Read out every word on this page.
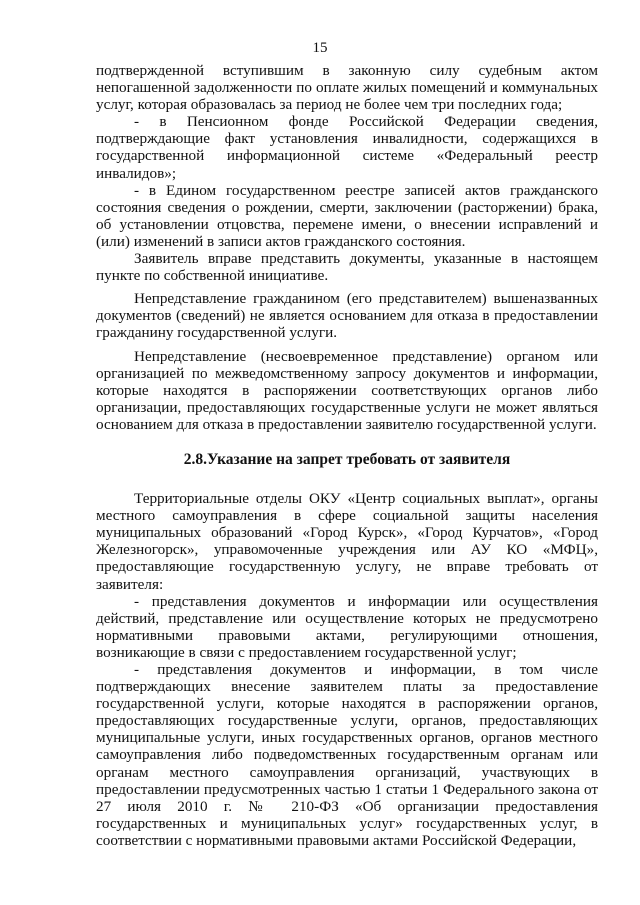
15

подтвержденной вступившим в законную силу судебным актом непогашенной задолженности по оплате жилых помещений и коммунальных услуг, которая образовалась за период не более чем три последних года;

- в Пенсионном фонде Российской Федерации сведения, подтверждающие факт установления инвалидности, содержащихся в государственной информационной системе «Федеральный реестр инвалидов»;

- в Едином государственном реестре записей актов гражданского состояния сведения о рождении, смерти, заключении (расторжении) брака, об установлении отцовства, перемене имени, о внесении исправлений и (или) изменений в записи актов гражданского состояния.

Заявитель вправе представить документы, указанные в настоящем пункте по собственной инициативе.

Непредставление гражданином (его представителем) вышеназванных документов (сведений) не является основанием для отказа в предоставлении гражданину государственной услуги.

Непредставление (несвоевременное представление) органом или организацией по межведомственному запросу документов и информации, которые находятся в распоряжении соответствующих органов либо организации, предоставляющих государственные услуги не может являться основанием для отказа в предоставлении заявителю государственной услуги.

2.8.Указание на запрет требовать от заявителя

Территориальные отделы ОКУ «Центр социальных выплат», органы местного самоуправления в сфере социальной защиты населения муниципальных образований «Город Курск», «Город Курчатов», «Город Железногорск», управомоченные учреждения или АУ КО «МФЦ», предоставляющие государственную услугу, не вправе требовать от заявителя:

- представления документов и информации или осуществления действий, представление или осуществление которых не предусмотрено нормативными правовыми актами, регулирующими отношения, возникающие в связи с предоставлением государственной услуг;

- представления документов и информации, в том числе подтверждающих внесение заявителем платы за предоставление государственной услуги, которые находятся в распоряжении органов, предоставляющих государственные услуги, органов, предоставляющих муниципальные услуги, иных государственных органов, органов местного самоуправления либо подведомственных государственным органам или органам местного самоуправления организаций, участвующих в предоставлении предусмотренных частью 1 статьи 1 Федерального закона от 27 июля 2010 г. № 210-ФЗ «Об организации предоставления государственных и муниципальных услуг» государственных услуг, в соответствии с нормативными правовыми актами Российской Федерации,
